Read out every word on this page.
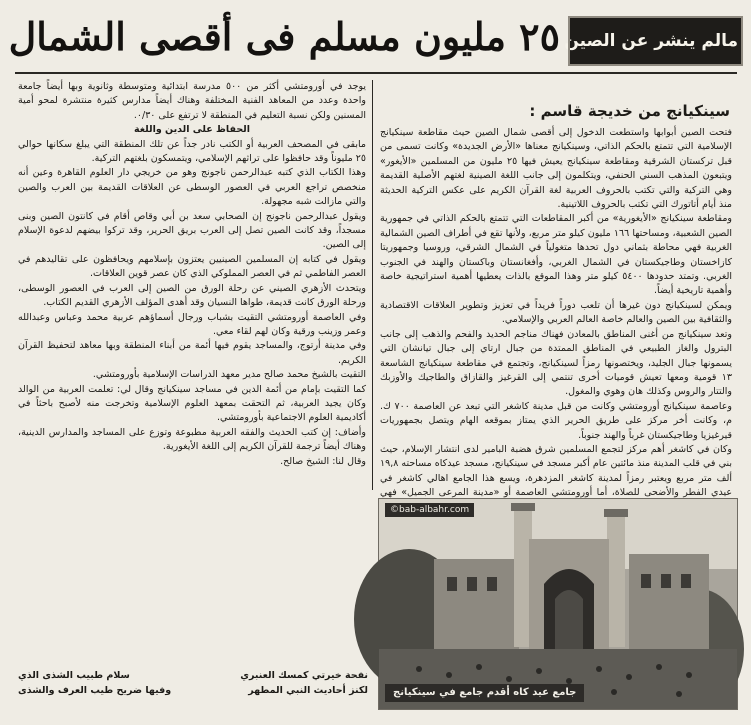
مالم ينشر عن الصين
٢٥ مليون مسلم فى أقصى الشمال
سينكيانج من خديجة قاسم :

فتحت الصين أبوابها واستطعت الدخول إلى أقصى شمال الصين حيث مقاطعة سينكيانج الإسلامية التي تتمتع بالحكم الذاتي، وسينكيانج معناها «الأرض الجديدة» وكانت تسمى من قبل تركستان الشرقية ومقاطعة سينكيانج يعيش فيها ٢٥ مليون من المسلمين «الأيغور» ويتبعون المذهب السني الحنفي، ويتكلمون إلى جانب اللغة الصينية لغتهم الأصلية القديمة وهي التركية والتي تكتب بالحروف العربية لغة القرآن الكريم على عكس التركية الحديثة منذ أيام أتاتورك التي تكتب بالحروف اللاتينية.

ومقاطعة سينكيانج «الأيغورية» من أكبر المقاطعات التي تتمتع بالحكم الذاتي في جمهورية الصين الشعبية، ومساحتها ١٦٦ مليون كيلو متر مربع، ولأنها تقع في أطراف الصين الشمالية الغربية فهي محاطة بثماني دول تحدها متغولياً في الشمال الشرقي، وروسيا وجمهوريتا كازاخستان وطاجيكستان في الشمال الغربي، وأفغانستان وباكستان والهند في الجنوب الغربي. وتمتد حدودها ٥٤٠٠ كيلو متر وهذا الموقع بالذات يعطيها أهمية استراتيجية خاصة وأهمية تاريخية أيضاً.

ويمكن لسينكيانج دون غيرها أن تلعب دوراً فريداً في تعزيز وتطوير العلاقات الاقتصادية والثقافية بين الصين والعالم خاصة العالم العربي والإسلامي.

وتعد سينكيانج من أغنى المناطق بالمعادن فهناك مناجم الحديد والفحم والذهب إلى جانب البترول والغاز الطبيعي في المناطق الممتدة من جبال ارتاي إلى جبال تيانشان التي يسمونها جبال الجليد، ويختصونها رمزاً لسينكيانج، وتجتمع في مقاطعة سينكيانج الشاسعة ١٣ قومية ومعها تعيش قوميات أخرى تنتمي إلى القرغيز والقازاق والطاجيك والأوزبك والتتار والروس وكذلك هان وهوي والمغول.

وعاصمة سينكيانج أورومتشي وكانت من قبل مدينة كاشغر التي تبعد عن العاصمة ٧٠٠ ك. م، وكانت أخر مركز على طريق الحرير الذي يمتاز بموقعه الهام ويتصل بجمهوريات قيرغيزيا وطاجيكستان غرباً والهند جنوباً.

وكان في كاشغر أهم مركز لتجمع المسلمين شرق هضبة البامير لدى انتشار الإسلام، حيث بني في قلب المدينة منذ مائتين عام أكبر مسجد في سينكيانج، مسجد عيدكاه مساحته ١٩,٨ ألف متر مربع ويعتبر رمزاً لمدينة كاشغر المزدهرة، ويسع هذا الجامع اهالي كاشغر في عيدي الفطر والأضحى للصلاة، أما أورومتشي العاصمة أو «مدينة المرعى الجميل» فهي

يوجد في أورومتشي أكثر من ٥٠٠ مدرسة ابتدائية ومتوسطة وثانوية وبها أيضاً جامعة واحدة وعدد من المعاهد الفنية المختلفة وهناك أيضاً مدارس كثيرة منتشرة لمحو أمية المسنين ولكن نسبة التعليم في المنطقة لا ترتفع على ٠/٣٠.

الحفاظ على الدين واللغة

مابقى في المصحف العربية أو الكتب نادر جداً عن تلك المنطقة التي يبلغ سكانها حوالي ٢٥ مليوناً وقد حافظوا على تراثهم الإسلامي، ويتمسكون بلغتهم التركية.

وهذا الكتاب الذي كتبه عبدالرحمن ناجونج وهو من خريجي دار العلوم القاهرة وعين أنه منخصص تراجع العربي في العصور الوسطى عن العلاقات القديمة بين العرب والصين والتي مازالت شبه مجهولة.

ويقول عبدالرحمن ناجونج إن الصحابي سعد بن أبي وقاص أقام في كانتون الصين وبنى مسجداً، وقد كانت الصين تصل إلى العرب بريق الحرير، وقد تركوا بيضهم لدعوة الإسلام إلى الصين.

ويقول في كتابه إن المسلمين الصينيين يعتزون بإسلامهم ويحافظون على تقاليدهم في العصر الفاطمي ثم في العصر المملوكي الذي كان عصر قوين العلاقات.

ويتحدث الأزهري الصيني عن رحلة الورق من الصين إلى العرب في العصور الوسطى، ورحلة الورق كانت قديمة، طواها النسيان وقد أهدى المؤلف الأزهري القديم الكتاب.

وفي العاصمة أورومتشي التقيت بشباب ورجال أسماؤهم عربية محمد وعباس وعبدالله وعمر وزينب ورقية وكان لهم لقاء معي.

وفي مدينة أرتوج، والمساجد يقوم فيها أئمة من أبناء المنطقة وبها معاهد لتحفيظ القرآن الكريم.

التقيت بالشيخ محمد صالح مدير معهد الدراسات الإسلامية بأورومتشي.

كما التقيت بإمام من أئمة الدين في مساجد سينكيانج وقال لي: تعلمت العربية من الوالد وكان يجيد العربية، ثم التحقت بمعهد العلوم الإسلامية وتخرجت منه لأصبح باحثاً في أكاديمية العلوم الاجتماعية بأورومتشي.

وأضاف: إن كتب الحديث والفقه العربية مطبوعة وتوزع على المساجد والمدارس الدينية، وهناك أيضاً ترجمة للقرآن الكريم إلى اللغة الأيغورية.

وقال لنا: الشيخ صالح.

نفحة خيرتي كمسك العنبري
سلام طبيب الشذى الذي
لكنز أحاديث النبي المطهر
وفيها ضريح طيب العرف والشذى
©bab-albahr.com
جامع عيد كاه أقدم جامع في سينكيانج
